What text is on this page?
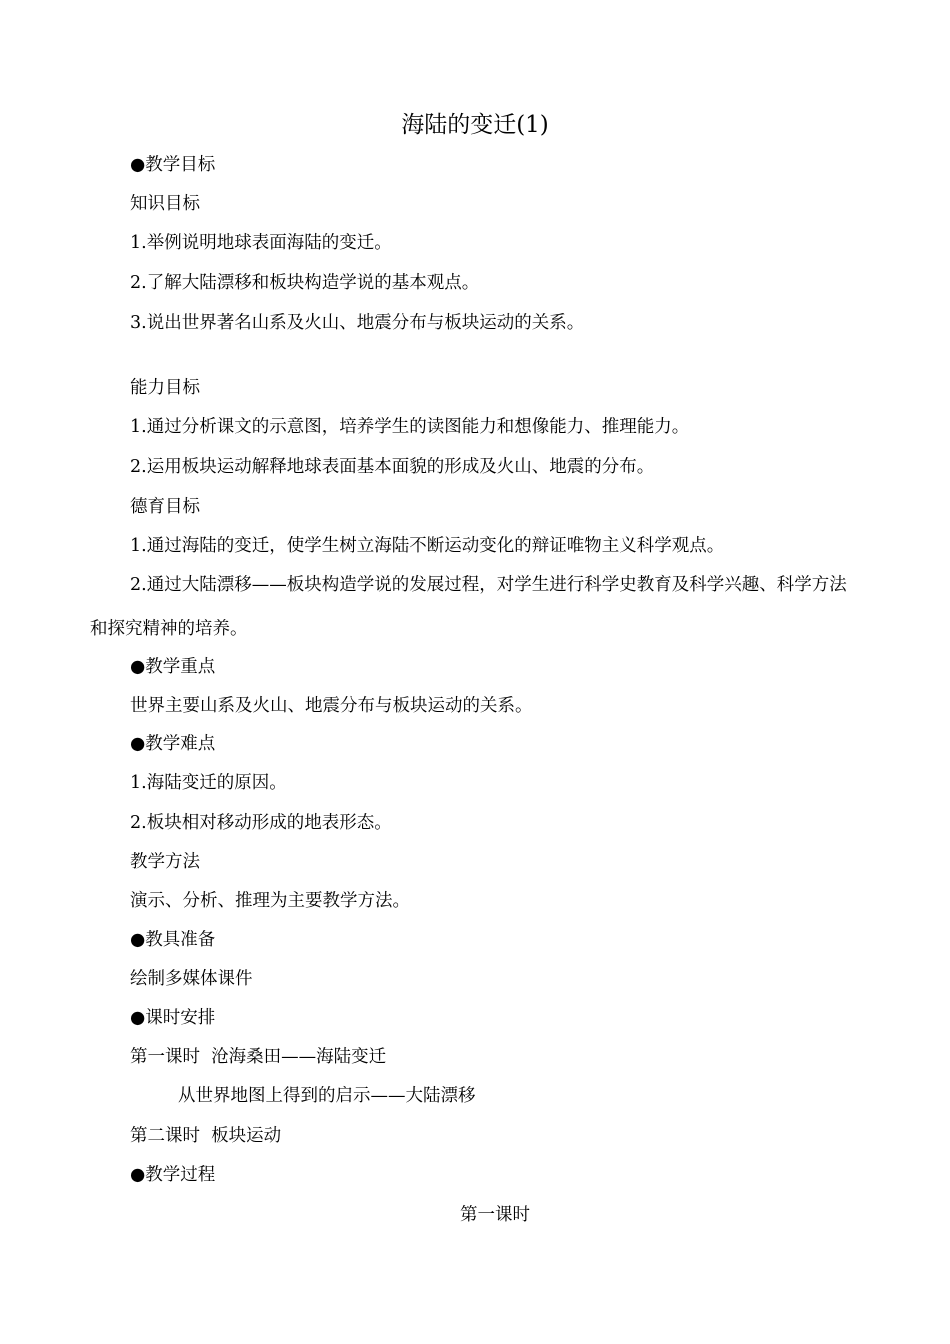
海陆的变迁(1)
●教学目标
知识目标
1.举例说明地球表面海陆的变迁。
2.了解大陆漂移和板块构造学说的基本观点。
3.说出世界著名山系及火山、地震分布与板块运动的关系。
能力目标
1.通过分析课文的示意图，培养学生的读图能力和想像能力、推理能力。
2.运用板块运动解释地球表面基本面貌的形成及火山、地震的分布。
德育目标
1.通过海陆的变迁，使学生树立海陆不断运动变化的辩证唯物主义科学观点。
2.通过大陆漂移——板块构造学说的发展过程，对学生进行科学史教育及科学兴趣、科学方法和探究精神的培养。
●教学重点
世界主要山系及火山、地震分布与板块运动的关系。
●教学难点
1.海陆变迁的原因。
2.板块相对移动形成的地表形态。
教学方法
演示、分析、推理为主要教学方法。
●教具准备
绘制多媒体课件
●课时安排
第一课时  沧海桑田——海陆变迁
从世界地图上得到的启示——大陆漂移
第二课时  板块运动
●教学过程
第一课时
